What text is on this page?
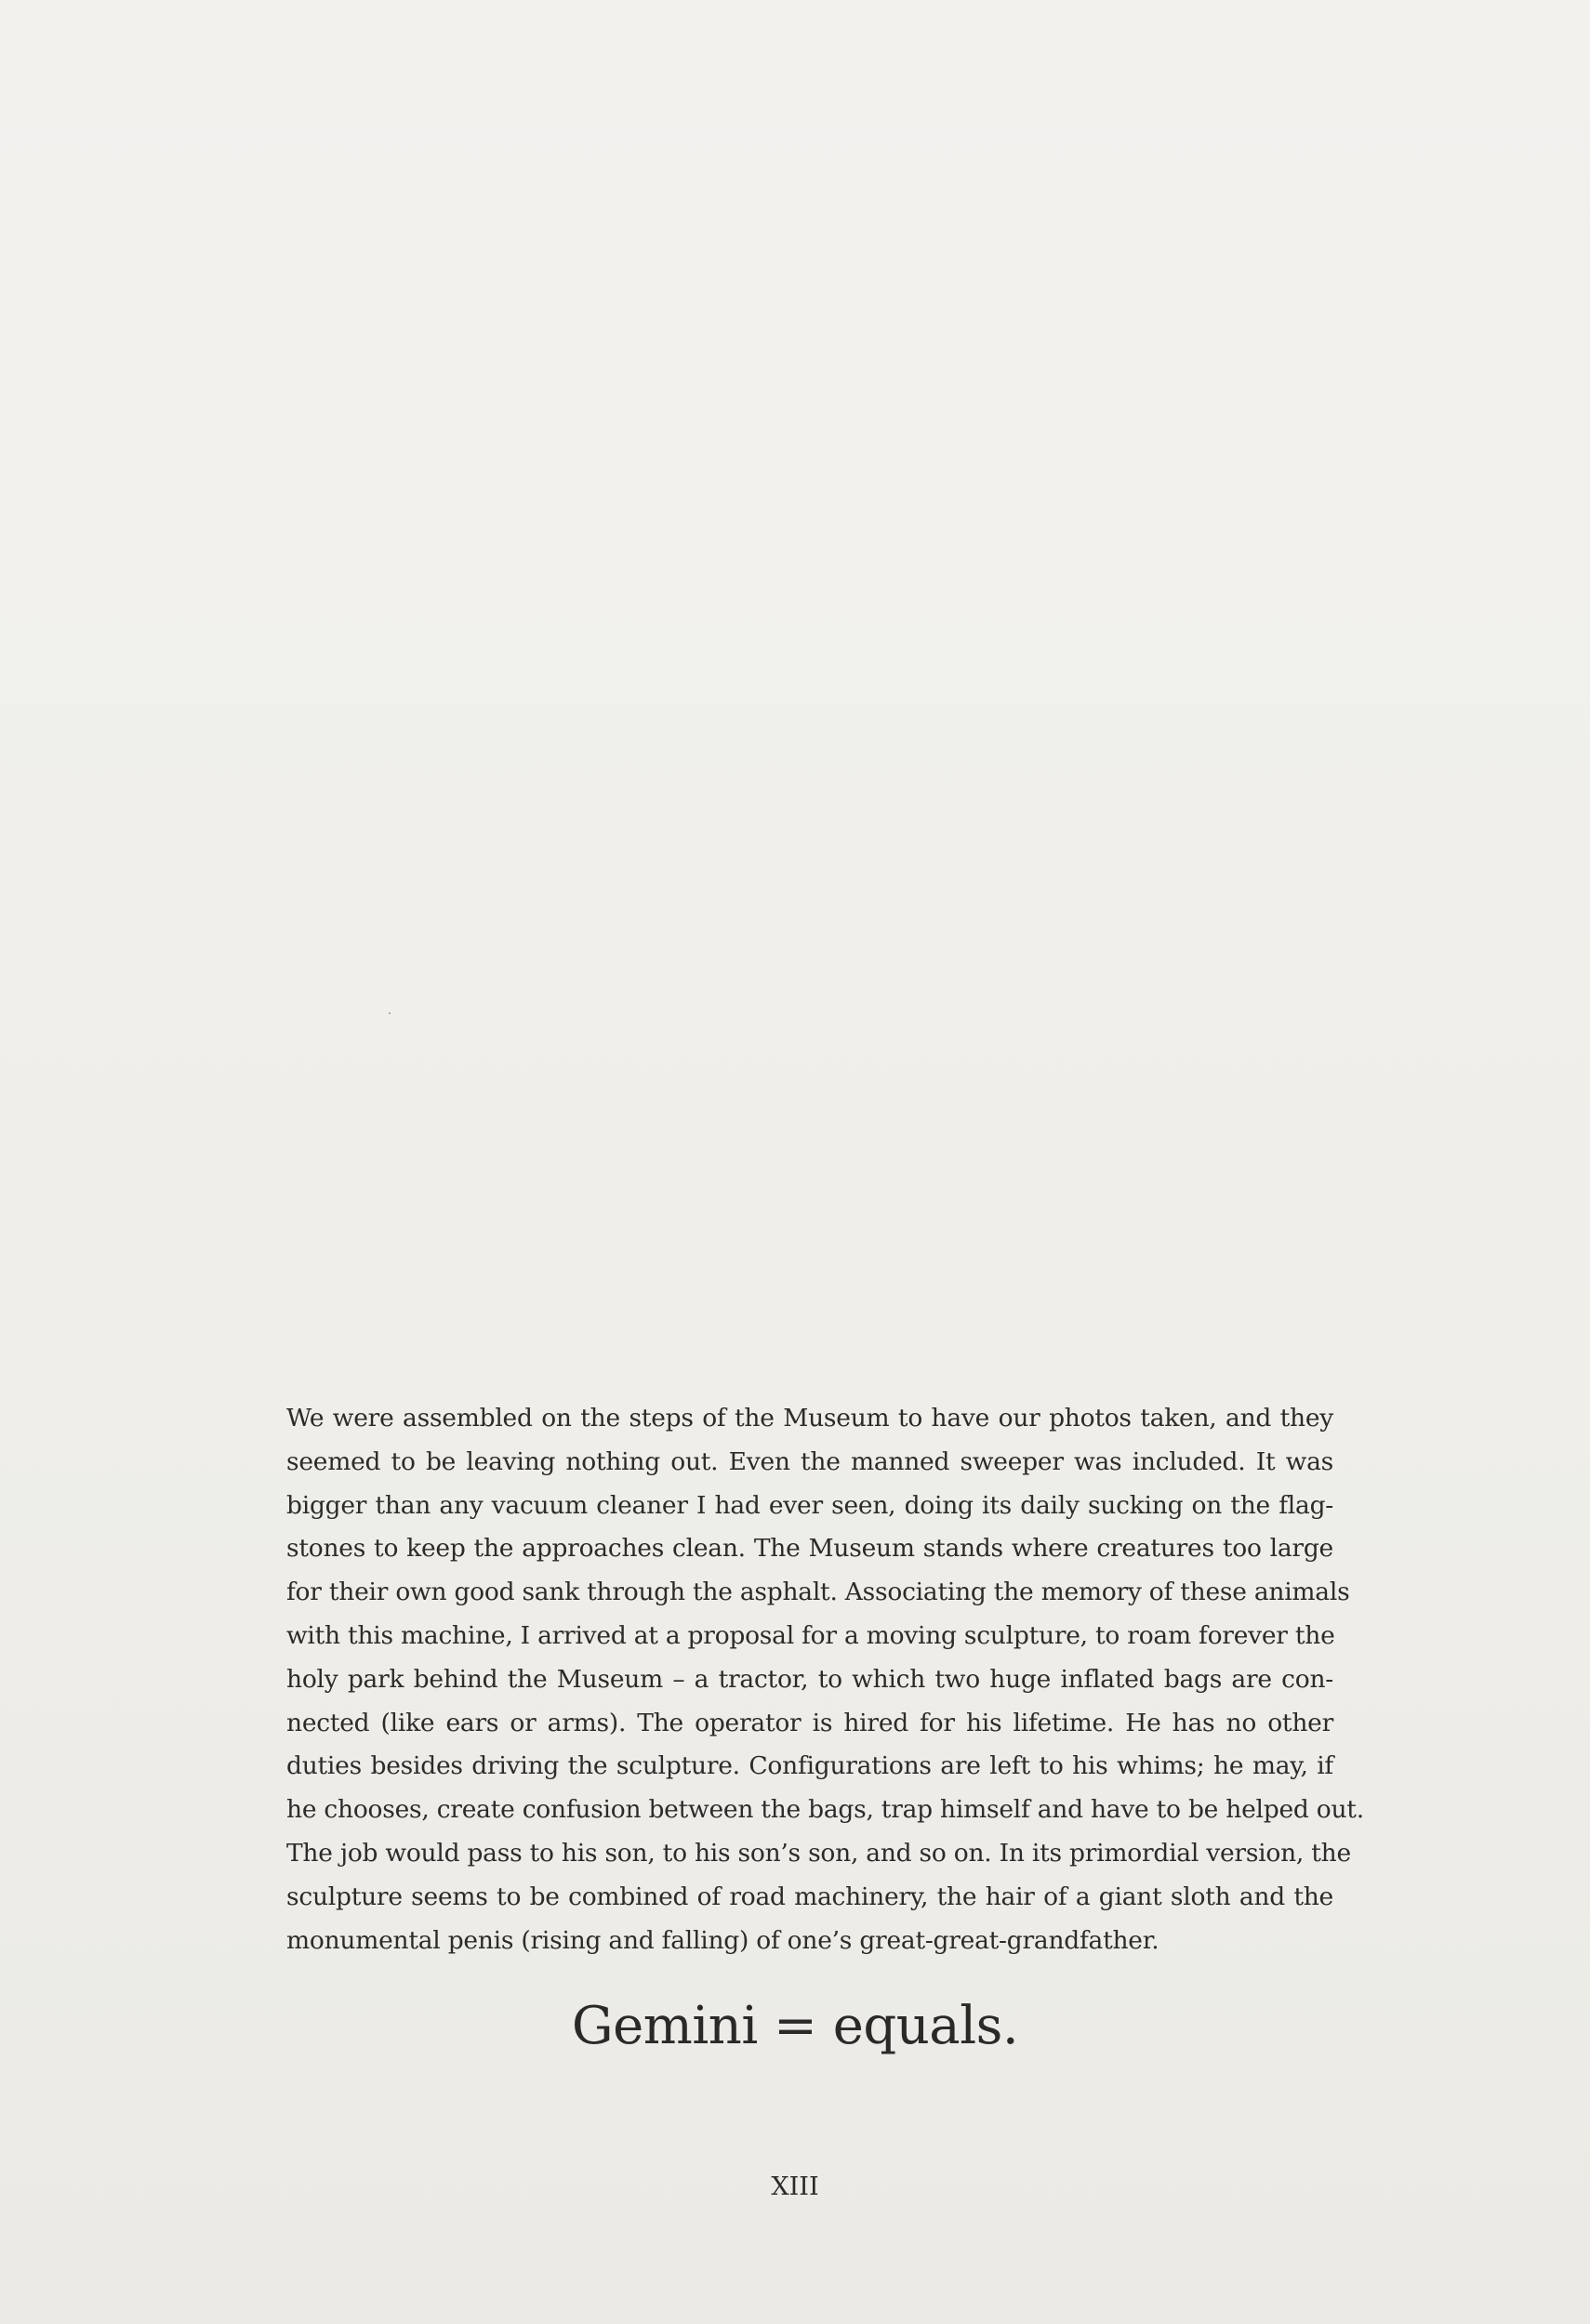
We were assembled on the steps of the Museum to have our photos taken, and they
seemed to be leaving nothing out. Even the manned sweeper was included. It was
bigger than any vacuum cleaner I had ever seen, doing its daily sucking on the flag-
stones to keep the approaches clean. The Museum stands where creatures too large
for their own good sank through the asphalt. Associating the memory of these animals
with this machine, I arrived at a proposal for a moving sculpture, to roam forever the
holy park behind the Museum – a tractor, to which two huge inflated bags are con-
nected (like ears or arms). The operator is hired for his lifetime. He has no other
duties besides driving the sculpture. Configurations are left to his whims; he may, if
he chooses, create confusion between the bags, trap himself and have to be helped out.
The job would pass to his son, to his son’s son, and so on. In its primordial version, the
sculpture seems to be combined of road machinery, the hair of a giant sloth and the
monumental penis (rising and falling) of one’s great-great-grandfather.

Gemini = equals.
XIII
